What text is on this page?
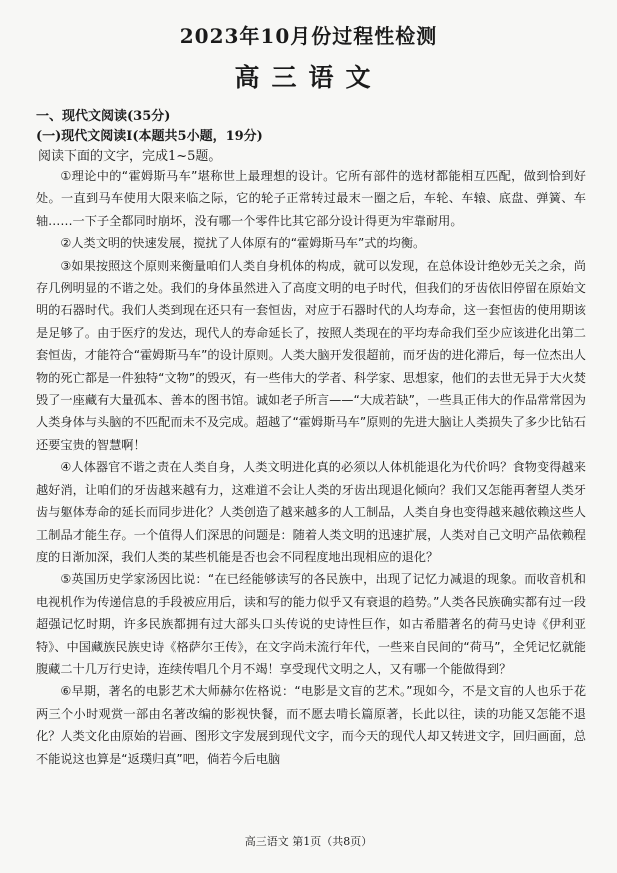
2023年10月份过程性检测
高三语文
一、现代文阅读(35分)
(一)现代文阅读Ⅰ(本题共5小题，19分)
阅读下面的文字，完成1~5题。

①理论中的“霍姆斯马车”堪称世上最理想的设计。它所有部件的选材都能相互匹配，做到恰到好处。一直到马车使用大限来临之际，它的轮子正常转过最末一圈之后，车轮、车辕、底盘、弹簧、车轴……一下子全都同时崩坏，没有哪一个零件比其它部分设计得更为牢靠耐用。

②人类文明的快速发展，搅扰了人体原有的“霍姆斯马车”式的均衡。

③如果按照这个原则来衡量咱们人类自身机体的构成，就可以发现，在总体设计绝妙无关之余，尚存几例明显的不谐之处。我们的身体虽然进入了高度文明的电子时代，但我们的牙齿依旧停留在原始文明的石器时代。我们人类到现在还只有一套恒齿，对应于石器时代的人均寿命，这一套恒齿的使用期该是足够了。由于医疗的发达，现代人的寿命延长了，按照人类现在的平均寿命我们至少应该进化出第二套恒齿，才能符合“霍姆斯马车”的设计原则。人类大脑开发很超前，而牙齿的进化滞后，每一位杰出人物的死亡都是一件独特“文物”的毁灭，有一些伟大的学者、科学家、思想家，他们的去世无异于大火焚毁了一座藏有大量孤本、善本的图书馆。诚如老子所言——“大成若缺”，一些具正伟大的作品常常因为人类身体与头脑的不匹配而未不及完成。超越了“霍姆斯马车”原则的先进大脑让人类损失了多少比钻石还要宝贵的智慧啊！

④人体器官不谐之责在人类自身，人类文明进化真的必须以人体机能退化为代价吗？食物变得越来越好消，让咱们的牙齿越来越有力，这难道不会让人类的牙齿出现退化倾向？我们又怎能再奢望人类牙齿与躯体寿命的延长而同步进化？人类创造了越来越多的人工制品，人类自身也变得越来越依赖这些人工制品才能生存。一个值得人们深思的问题是：随着人类文明的迅速扩展，人类对自己文明产品依赖程度的日渐加深，我们人类的某些机能是否也会不同程度地出现相应的退化？

⑤英国历史学家汤因比说：“在已经能够读写的各民族中，出现了记忆力减退的现象。而收音机和电视机作为传递信息的手段被应用后，读和写的能力似乎又有衰退的趋势。”人类各民族确实都有过一段超强记忆时期，许多民族都拥有过大部头口头传说的史诗性巨作，如古希腊著名的荷马史诗《伊利亚特》、中国藏族民族史诗《格萨尔王传》，在文字尚未流行年代，一些来自民间的“荷马”，全凭记忆就能腹藏二十几万行史诗，连续传唱几个月不竭！享受现代文明之人，又有哪一个能做得到？

⑥早期，著名的电影艺术大师赫尔佐格说：“电影是文盲的艺术。”现如今，不是文盲的人也乐于花两三个小时观赏一部由名著改编的影视快餐，而不愿去啃长篇原著，长此以往，读的功能又怎能不退化？人类文化由原始的岩画、图形文字发展到现代文字，而今天的现代人却又转进文字，回归画面，总不能说这也算是“返璞归真”吧，倘若今后电脑

高三语文 第1页（共8页）
